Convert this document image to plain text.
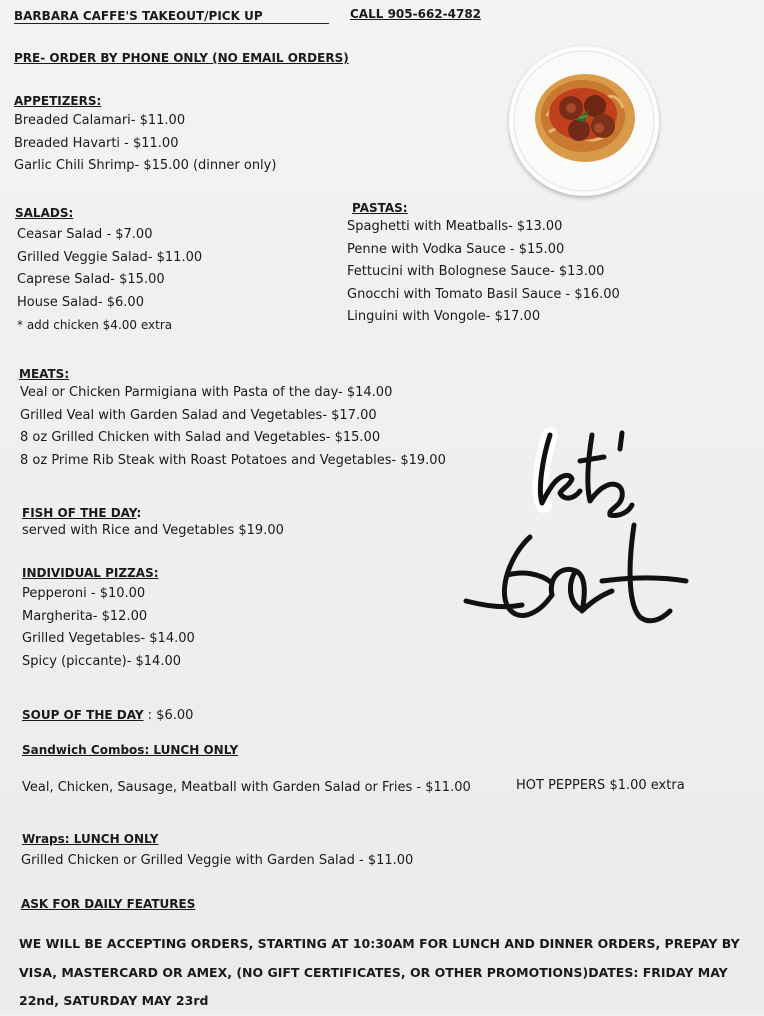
BARBARA CAFFE'S TAKEOUT/PICK UP	CALL 905-662-4782
PRE- ORDER BY PHONE ONLY (NO EMAIL ORDERS)
APPETIZERS:
Breaded Calamari- $11.00
Breaded Havarti - $11.00
Garlic Chili Shrimp- $15.00 (dinner only)
SALADS:
Ceasar Salad - $7.00
Grilled Veggie Salad- $11.00
Caprese Salad- $15.00
House Salad- $6.00
* add chicken $4.00 extra
PASTAS:
Spaghetti with Meatballs- $13.00
Penne with Vodka Sauce - $15.00
Fettucini with Bolognese Sauce- $13.00
Gnocchi with Tomato Basil Sauce - $16.00
Linguini with Vongole- $17.00
MEATS:
Veal or Chicken Parmigiana with Pasta of the day- $14.00
Grilled Veal with Garden Salad and Vegetables- $17.00
8 oz Grilled Chicken with Salad and Vegetables- $15.00
8 oz Prime Rib Steak with Roast Potatoes and Vegetables- $19.00
FISH OF THE DAY:
served with Rice and Vegetables $19.00
INDIVIDUAL PIZZAS:
Pepperoni - $10.00
Margherita- $12.00
Grilled Vegetables- $14.00
Spicy (piccante)- $14.00
SOUP OF THE DAY : $6.00
Sandwich Combos: LUNCH ONLY
Veal, Chicken, Sausage, Meatball with Garden Salad or Fries - $11.00	HOT PEPPERS $1.00 extra
Wraps: LUNCH ONLY
Grilled Chicken or Grilled Veggie with Garden Salad - $11.00
ASK FOR DAILY FEATURES
WE WILL BE ACCEPTING ORDERS, STARTING AT 10:30AM FOR LUNCH AND DINNER ORDERS, PREPAY BY VISA, MASTERCARD OR AMEX, (NO GIFT CERTIFICATES, OR OTHER PROMOTIONS)DATES: FRIDAY MAY 22nd, SATURDAY MAY 23rd
